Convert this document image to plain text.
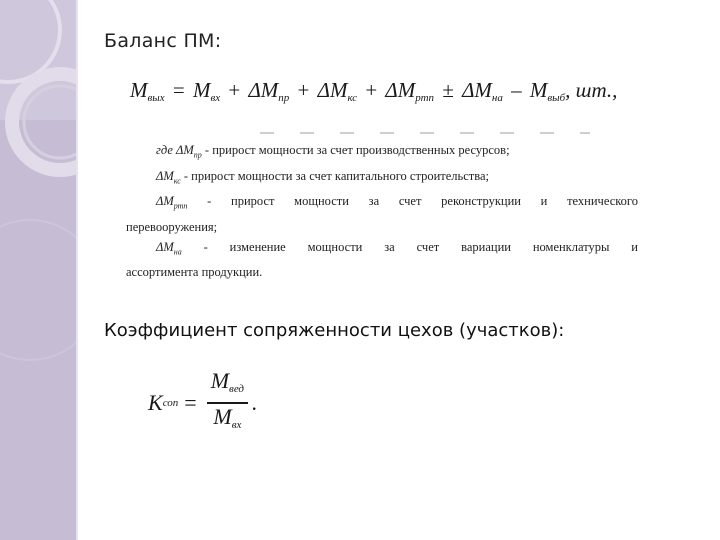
Баланс ПМ:
$M_{вых} = M_{вх} + \Delta M_{пр} + \Delta M_{кс} + \Delta M_{ртп} \pm \Delta M_{на} - M_{выб}$, шт.,
где $\Delta M_{пр}$ - прирост мощности за счет производственных ресурсов;
$\Delta M_{кс}$ - прирост мощности за счет капитального строительства;
$\Delta M_{ртп}$ - прирост мощности за счет реконструкции и технического
перевооружения;
$\Delta M_{на}$ - изменение мощности за счет вариации номенклатуры и
ассортимента продукции.
Коэффициент сопряженности цехов (участков):
K соп = $\frac{M_{вед}}{M_{вх}}$ .
